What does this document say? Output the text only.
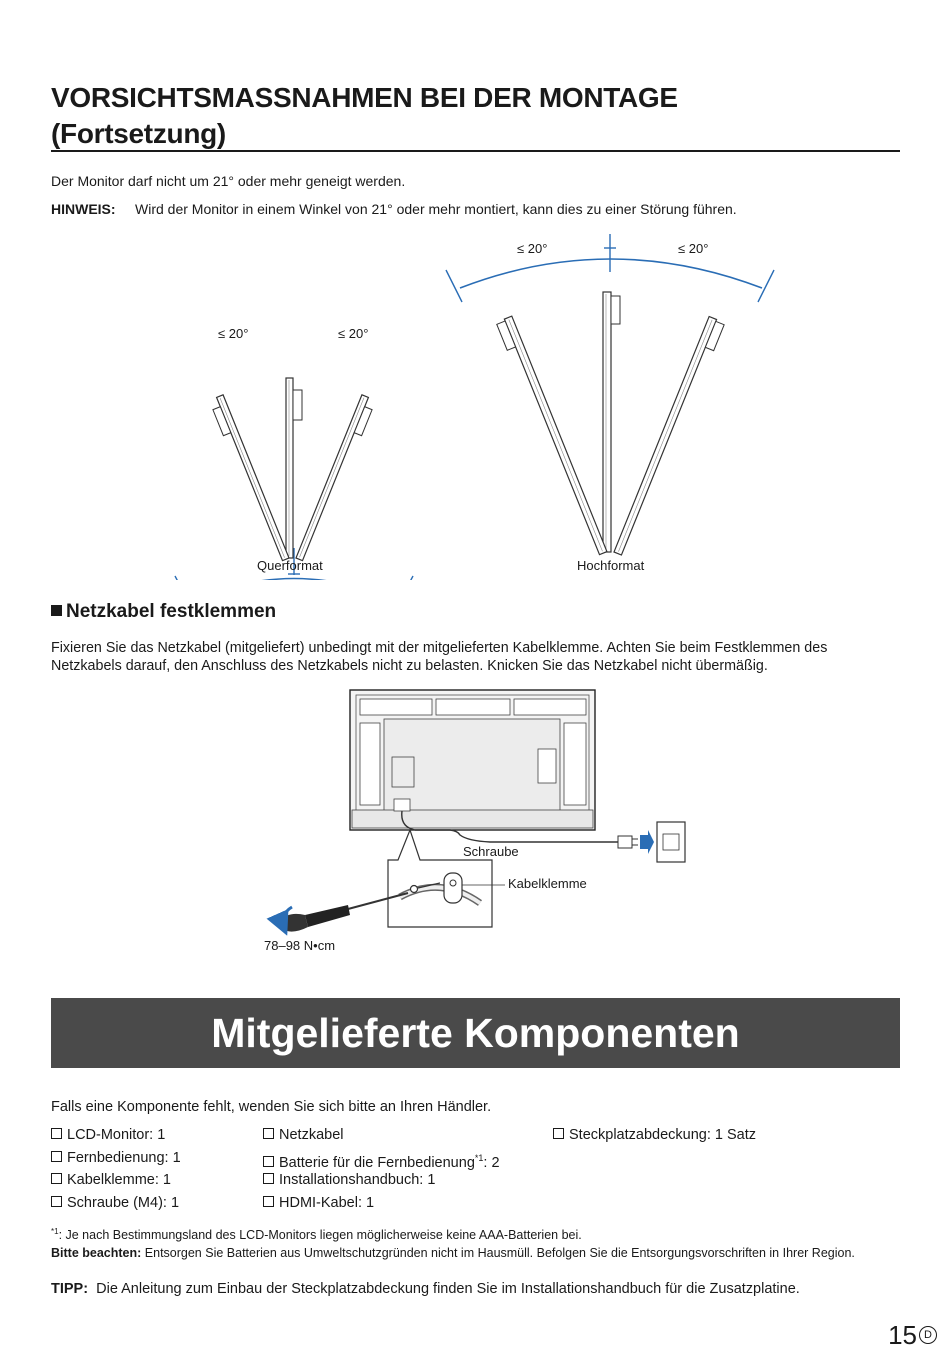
VORSICHTSMASSNAHMEN BEI DER MONTAGE
(Fortsetzung)
Der Monitor darf nicht um 21° oder mehr geneigt werden.
HINWEIS: Wird der Monitor in einem Winkel von 21° oder mehr montiert, kann dies zu einer Störung führen.
≤ 20°	≤ 20°
Querformat
≤ 20°	≤ 20°
Hochformat
Netzkabel festklemmen
Fixieren Sie das Netzkabel (mitgeliefert) unbedingt mit der mitgelieferten Kabelklemme. Achten Sie beim Festklemmen des
Netzkabels darauf, den Anschluss des Netzkabels nicht zu belasten. Knicken Sie das Netzkabel nicht übermäßig.
Schraube
Kabelklemme
78–98 N•cm
Mitgelieferte Komponenten
Falls eine Komponente fehlt, wenden Sie sich bitte an Ihren Händler.
LCD-Monitor: 1
Fernbedienung: 1
Kabelklemme: 1
Schraube (M4): 1
Netzkabel
Batterie für die Fernbedienung$^{*1}$: 2
Installationshandbuch: 1
HDMI-Kabel: 1
Steckplatzabdeckung: 1 Satz
$^{*1}$: Je nach Bestimmungsland des LCD-Monitors liegen möglicherweise keine AAA-Batterien bei.
Bitte beachten: Entsorgen Sie Batterien aus Umweltschutzgründen nicht im Hausmüll. Befolgen Sie die Entsorgungsvorschriften in Ihrer Region.
TIPP: Die Anleitung zum Einbau der Steckplatzabdeckung finden Sie im Installationshandbuch für die Zusatzplatine.
15 D
